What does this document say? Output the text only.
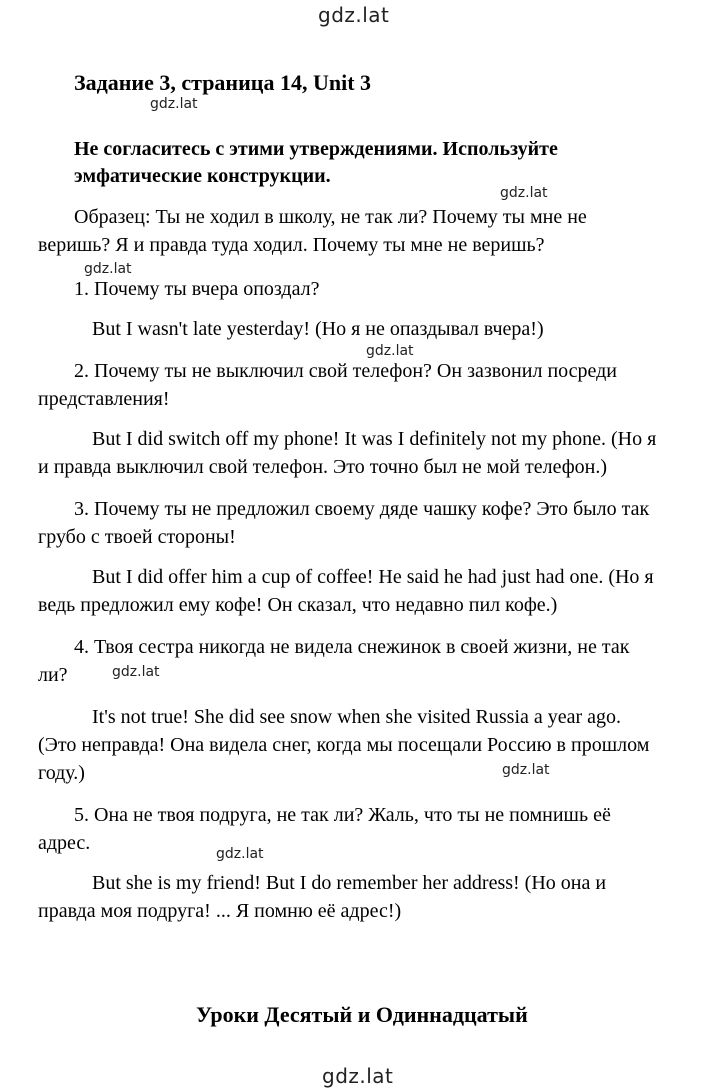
gdz.lat
Задание 3, страница 14, Unit 3
gdz.lat
Не согласитесь с этими утверждениями. Используйте
эмфатические конструкции.
gdz.lat
Образец: Ты не ходил в школу, не так ли? Почему ты мне не
веришь? Я и правда туда ходил. Почему ты мне не веришь?
gdz.lat
1. Почему ты вчера опоздал?
But I wasn't late yesterday! (Но я не опаздывал вчера!)
gdz.lat
2. Почему ты не выключил свой телефон? Он зазвонил посреди
представления!
But I did switch off my phone! It was I definitely not my phone. (Но я
и правда выключил свой телефон. Это точно был не мой телефон.)
3. Почему ты не предложил своему дяде чашку кофе? Это было так
грубо с твоей стороны!
But I did offer him a cup of coffee! He said he had just had one. (Но я
ведь предложил ему кофе! Он сказал, что недавно пил кофе.)
4. Твоя сестра никогда не видела снежинок в своей жизни, не так
ли?	gdz.lat
It's not true! She did see snow when she visited Russia a year ago.
(Это неправда! Она видела снег, когда мы посещали Россию в прошлом
году.)	gdz.lat
5. Она не твоя подруга, не так ли? Жаль, что ты не помнишь её
адрес.	gdz.lat
But she is my friend! But I do remember her address! (Но она и
правда моя подруга! ... Я помню её адрес!)
Уроки Десятый и Одиннадцатый
gdz.lat
